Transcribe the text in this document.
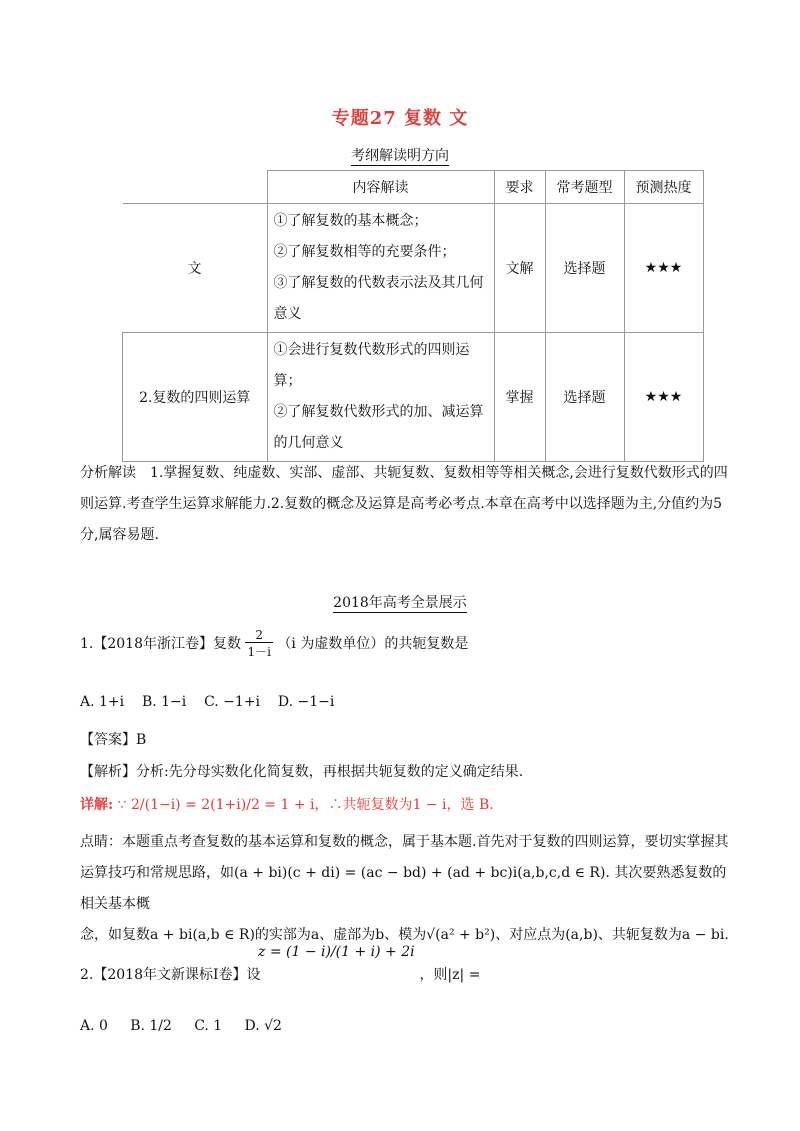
专题27 复数 文
考纲解读明方向
	内容解读	要求	常考题型	预测热度
文	①了解复数的基本概念；
②了解复数相等的充要条件；
③了解复数的代数表示法及其几何
意义	文解	选择题	★★★
2.复数的四则运算	①会进行复数代数形式的四则运算；
②了解复数代数形式的加、减运算
的几何意义	掌握	选择题	★★★
分析解读　1.掌握复数、纯虚数、实部、虚部、共轭复数、复数相等等相关概念,会进行复数代数形式的四则运算.考查学生运算求解能力.2.复数的概念及运算是高考必考点.本章在高考中以选择题为主,分值约为5分,属容易题.
2018年高考全景展示
1.【2018年浙江卷】复数 $\frac{2}{1-i} (i$ 为虚数单位）的共轭复数是
A. 1+i B. 1−i C. −1+i D. −1−i
【答案】B
【解析】分析:先分母实数化化简复数，再根据共轭复数的定义确定结果.
详解: ∵ 2/(1−i) = 2(1+i)/2 = 1 + i，∴共轭复数为1 − i，选 B.
点睛：本题重点考查复数的基本运算和复数的概念，属于基本题.首先对于复数的四则运算，要切实掌握其
运算技巧和常规思路，如(a + bi)(c + di) = (ac − bd) + (ad + bc)i(a,b,c,d ∈ R). 其次要熟悉复数的相关基本概
念，如复数a + bi(a,b ∈ R)的实部为a、虚部为b、模为√(a² + b²)、对应点为(a,b)、共轭复数为a − bi.
z = (1 − i)/(1 + i) + 2i
2.【2018年文新课标Ⅰ卷】设	，则|z| =
A. 0 B. 1/2 C. 1 D. √2
